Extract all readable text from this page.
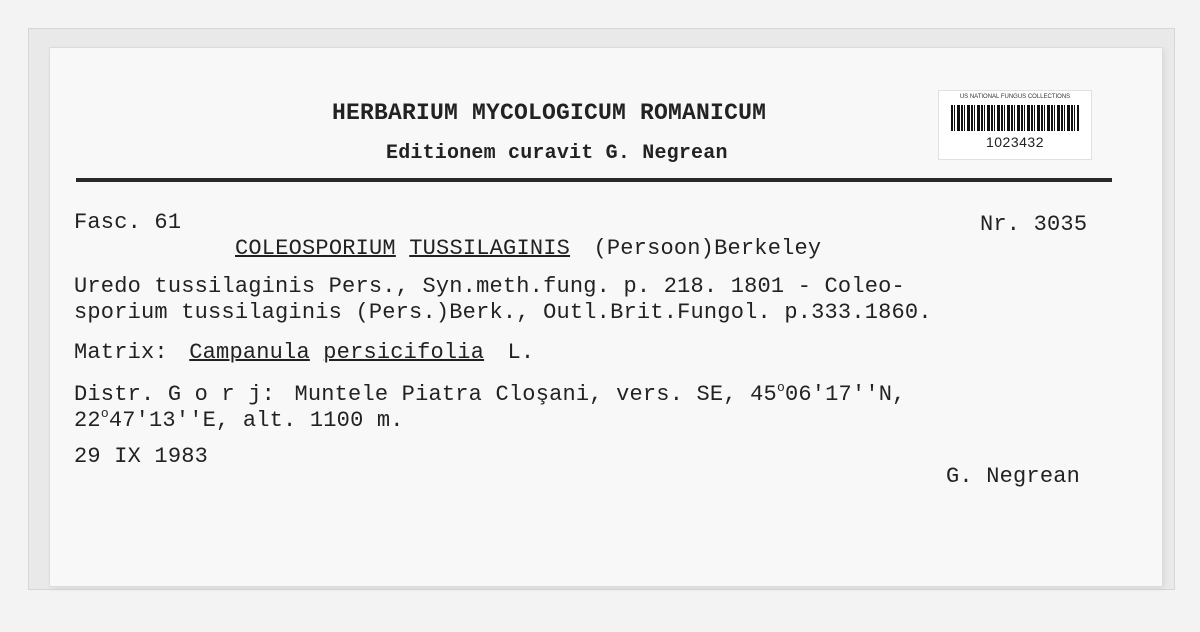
HERBARIUM MYCOLOGICUM ROMANICUM
Editionem curavit G. Negrean
US NATIONAL FUNGUS COLLECTIONS
1023432
Fasc. 61	Nr. 3035
COLEOSPORIUM TUSSILAGINIS (Persoon)Berkeley
Uredo tussilaginis Pers., Syn.meth.fung. p. 218. 1801 - Coleo-
sporium tussilaginis (Pers.)Berk., Outl.Brit.Fungol. p.333.1860.
Matrix: Campanula persicifolia L.
Distr. G o r j: Muntele Piatra Cloşani, vers. SE, 45$^o$06'17''N,
22$^o$47'13''E, alt. 1100 m.
29 IX 1983
G. Negrean
